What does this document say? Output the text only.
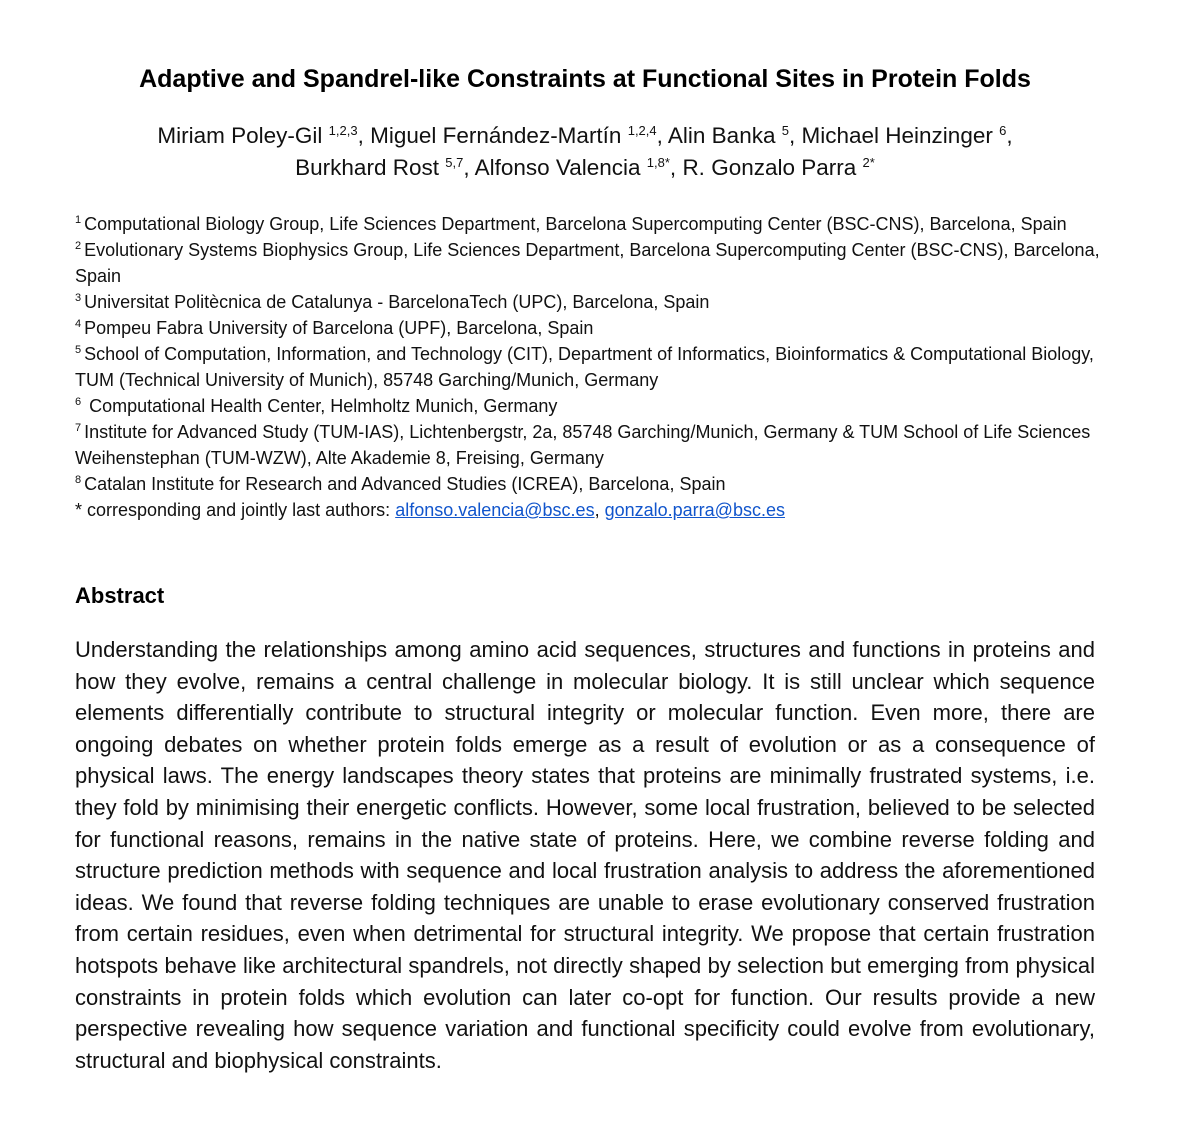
Adaptive and Spandrel-like Constraints at Functional Sites in Protein Folds

Miriam Poley-Gil $^{1,2,3}$, Miguel Fernández-Martín $^{1,2,4}$, Alin Banka $^5$, Michael Heinzinger $^6$,
Burkhard Rost $^{5,7}$, Alfonso Valencia $^{1,8*}$, R. Gonzalo Parra $^{2*}$

$^1$ Computational Biology Group, Life Sciences Department, Barcelona Supercomputing Center (BSC-CNS), Barcelona, Spain
$^2$ Evolutionary Systems Biophysics Group, Life Sciences Department, Barcelona Supercomputing Center (BSC-CNS), Barcelona, Spain
$^3$ Universitat Politècnica de Catalunya - BarcelonaTech (UPC), Barcelona, Spain
$^4$ Pompeu Fabra University of Barcelona (UPF), Barcelona, Spain
$^5$ School of Computation, Information, and Technology (CIT), Department of Informatics, Bioinformatics & Computational Biology, TUM (Technical University of Munich), 85748 Garching/Munich, Germany
$^6$ Computational Health Center, Helmholtz Munich, Germany
$^7$ Institute for Advanced Study (TUM-IAS), Lichtenbergstr, 2a, 85748 Garching/Munich, Germany & TUM School of Life Sciences Weihenstephan (TUM-WZW), Alte Akademie 8, Freising, Germany
$^8$ Catalan Institute for Research and Advanced Studies (ICREA), Barcelona, Spain
* corresponding and jointly last authors: alfonso.valencia@bsc.es, gonzalo.parra@bsc.es
Abstract

Understanding the relationships among amino acid sequences, structures and functions in proteins and how they evolve, remains a central challenge in molecular biology. It is still unclear which sequence elements differentially contribute to structural integrity or molecular function. Even more, there are ongoing debates on whether protein folds emerge as a result of evolution or as a consequence of physical laws. The energy landscapes theory states that proteins are minimally frustrated systems, i.e. they fold by minimising their energetic conflicts. However, some local frustration, believed to be selected for functional reasons, remains in the native state of proteins. Here, we combine reverse folding and structure prediction methods with sequence and local frustration analysis to address the aforementioned ideas. We found that reverse folding techniques are unable to erase evolutionary conserved frustration from certain residues, even when detrimental for structural integrity. We propose that certain frustration hotspots behave like architectural spandrels, not directly shaped by selection but emerging from physical constraints in protein folds which evolution can later co-opt for function. Our results provide a new perspective revealing how sequence variation and functional specificity could evolve from evolutionary, structural and biophysical constraints.
